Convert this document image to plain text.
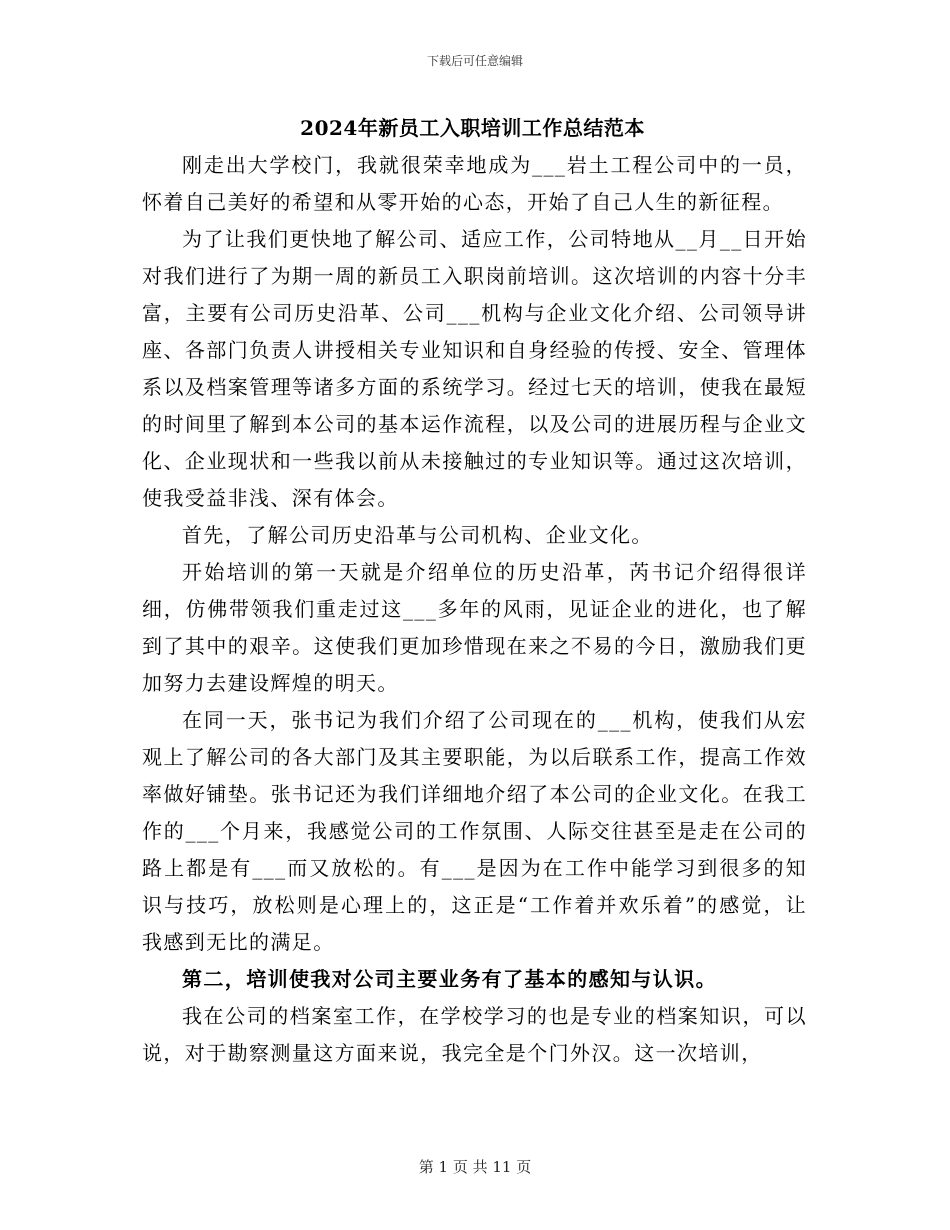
下载后可任意编辑
2024年新员工入职培训工作总结范本

刚走出大学校门，我就很荣幸地成为___岩土工程公司中的一员，怀着自己美好的希望和从零开始的心态，开始了自己人生的新征程。

为了让我们更快地了解公司、适应工作，公司特地从__月__日开始对我们进行了为期一周的新员工入职岗前培训。这次培训的内容十分丰富，主要有公司历史沿革、公司___机构与企业文化介绍、公司领导讲座、各部门负责人讲授相关专业知识和自身经验的传授、安全、管理体系以及档案管理等诸多方面的系统学习。经过七天的培训，使我在最短的时间里了解到本公司的基本运作流程，以及公司的进展历程与企业文化、企业现状和一些我以前从未接触过的专业知识等。通过这次培训，使我受益非浅、深有体会。

首先，了解公司历史沿革与公司机构、企业文化。

开始培训的第一天就是介绍单位的历史沿革，芮书记介绍得很详细，仿佛带领我们重走过这___多年的风雨，见证企业的进化，也了解到了其中的艰辛。这使我们更加珍惜现在来之不易的今日，激励我们更加努力去建设辉煌的明天。

在同一天，张书记为我们介绍了公司现在的___机构，使我们从宏观上了解公司的各大部门及其主要职能，为以后联系工作，提高工作效率做好铺垫。张书记还为我们详细地介绍了本公司的企业文化。在我工作的___个月来，我感觉公司的工作氛围、人际交往甚至是走在公司的路上都是有___而又放松的。有___是因为在工作中能学习到很多的知识与技巧，放松则是心理上的，这正是“工作着并欢乐着”的感觉，让我感到无比的满足。

第二，培训使我对公司主要业务有了基本的感知与认识。

我在公司的档案室工作，在学校学习的也是专业的档案知识，可以说，对于勘察测量这方面来说，我完全是个门外汉。这一次培训，

第 1 页 共 11 页
